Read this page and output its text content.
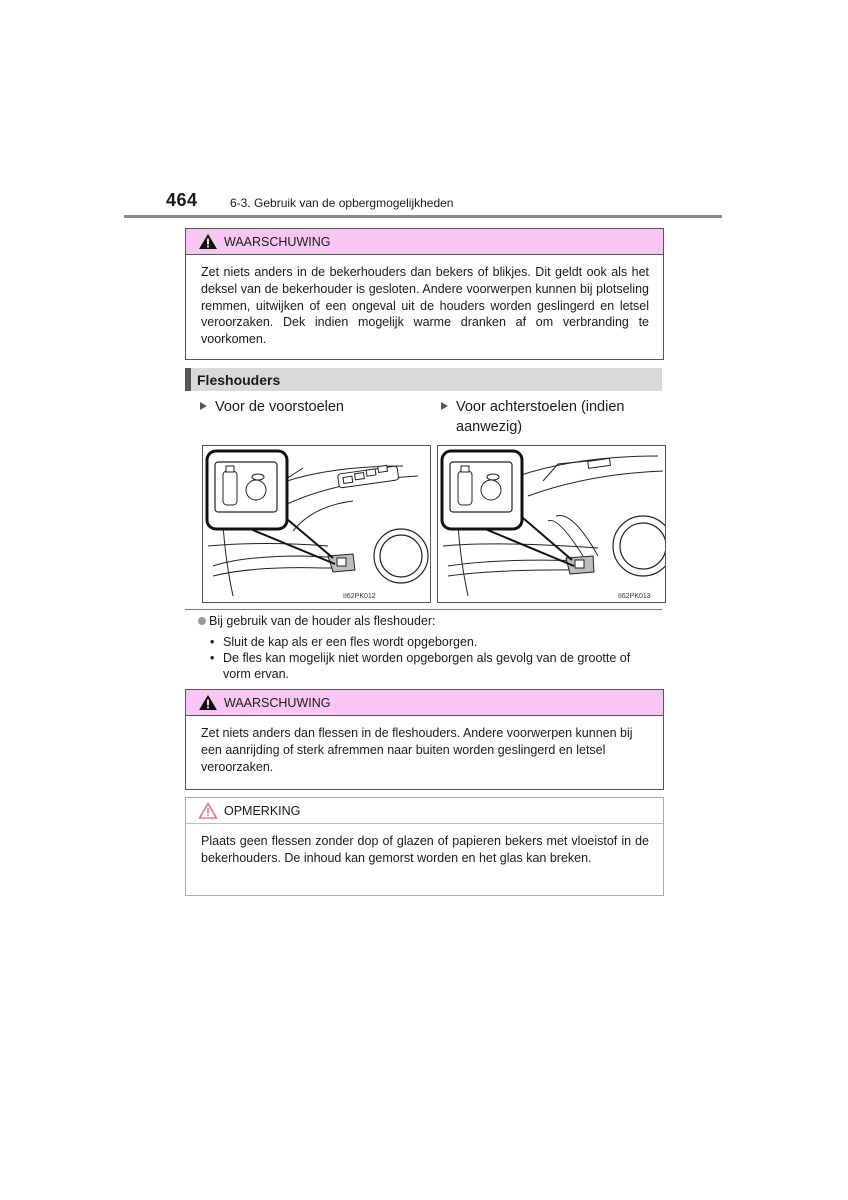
464	6-3. Gebruik van de opbergmogelijkheden
WAARSCHUWING
Zet niets anders in de bekerhouders dan bekers of blikjes. Dit geldt ook als het deksel van de bekerhouder is gesloten. Andere voorwerpen kunnen bij plotseling remmen, uitwijken of een ongeval uit de houders worden geslingerd en letsel veroorzaken. Dek indien mogelijk warme dranken af om verbranding te voorkomen.
Fleshouders
Voor de voorstoelen	Voor achterstoelen (indien aanwezig)
II62PK012	II62PK013
Bij gebruik van de houder als fleshouder:
• Sluit de kap als er een fles wordt opgeborgen.
• De fles kan mogelijk niet worden opgeborgen als gevolg van de grootte of vorm ervan.
WAARSCHUWING
Zet niets anders dan flessen in de fleshouders. Andere voorwerpen kunnen bij een aanrijding of sterk afremmen naar buiten worden geslingerd en letsel veroorzaken.
OPMERKING
Plaats geen flessen zonder dop of glazen of papieren bekers met vloeistof in de bekerhouders. De inhoud kan gemorst worden en het glas kan breken.
